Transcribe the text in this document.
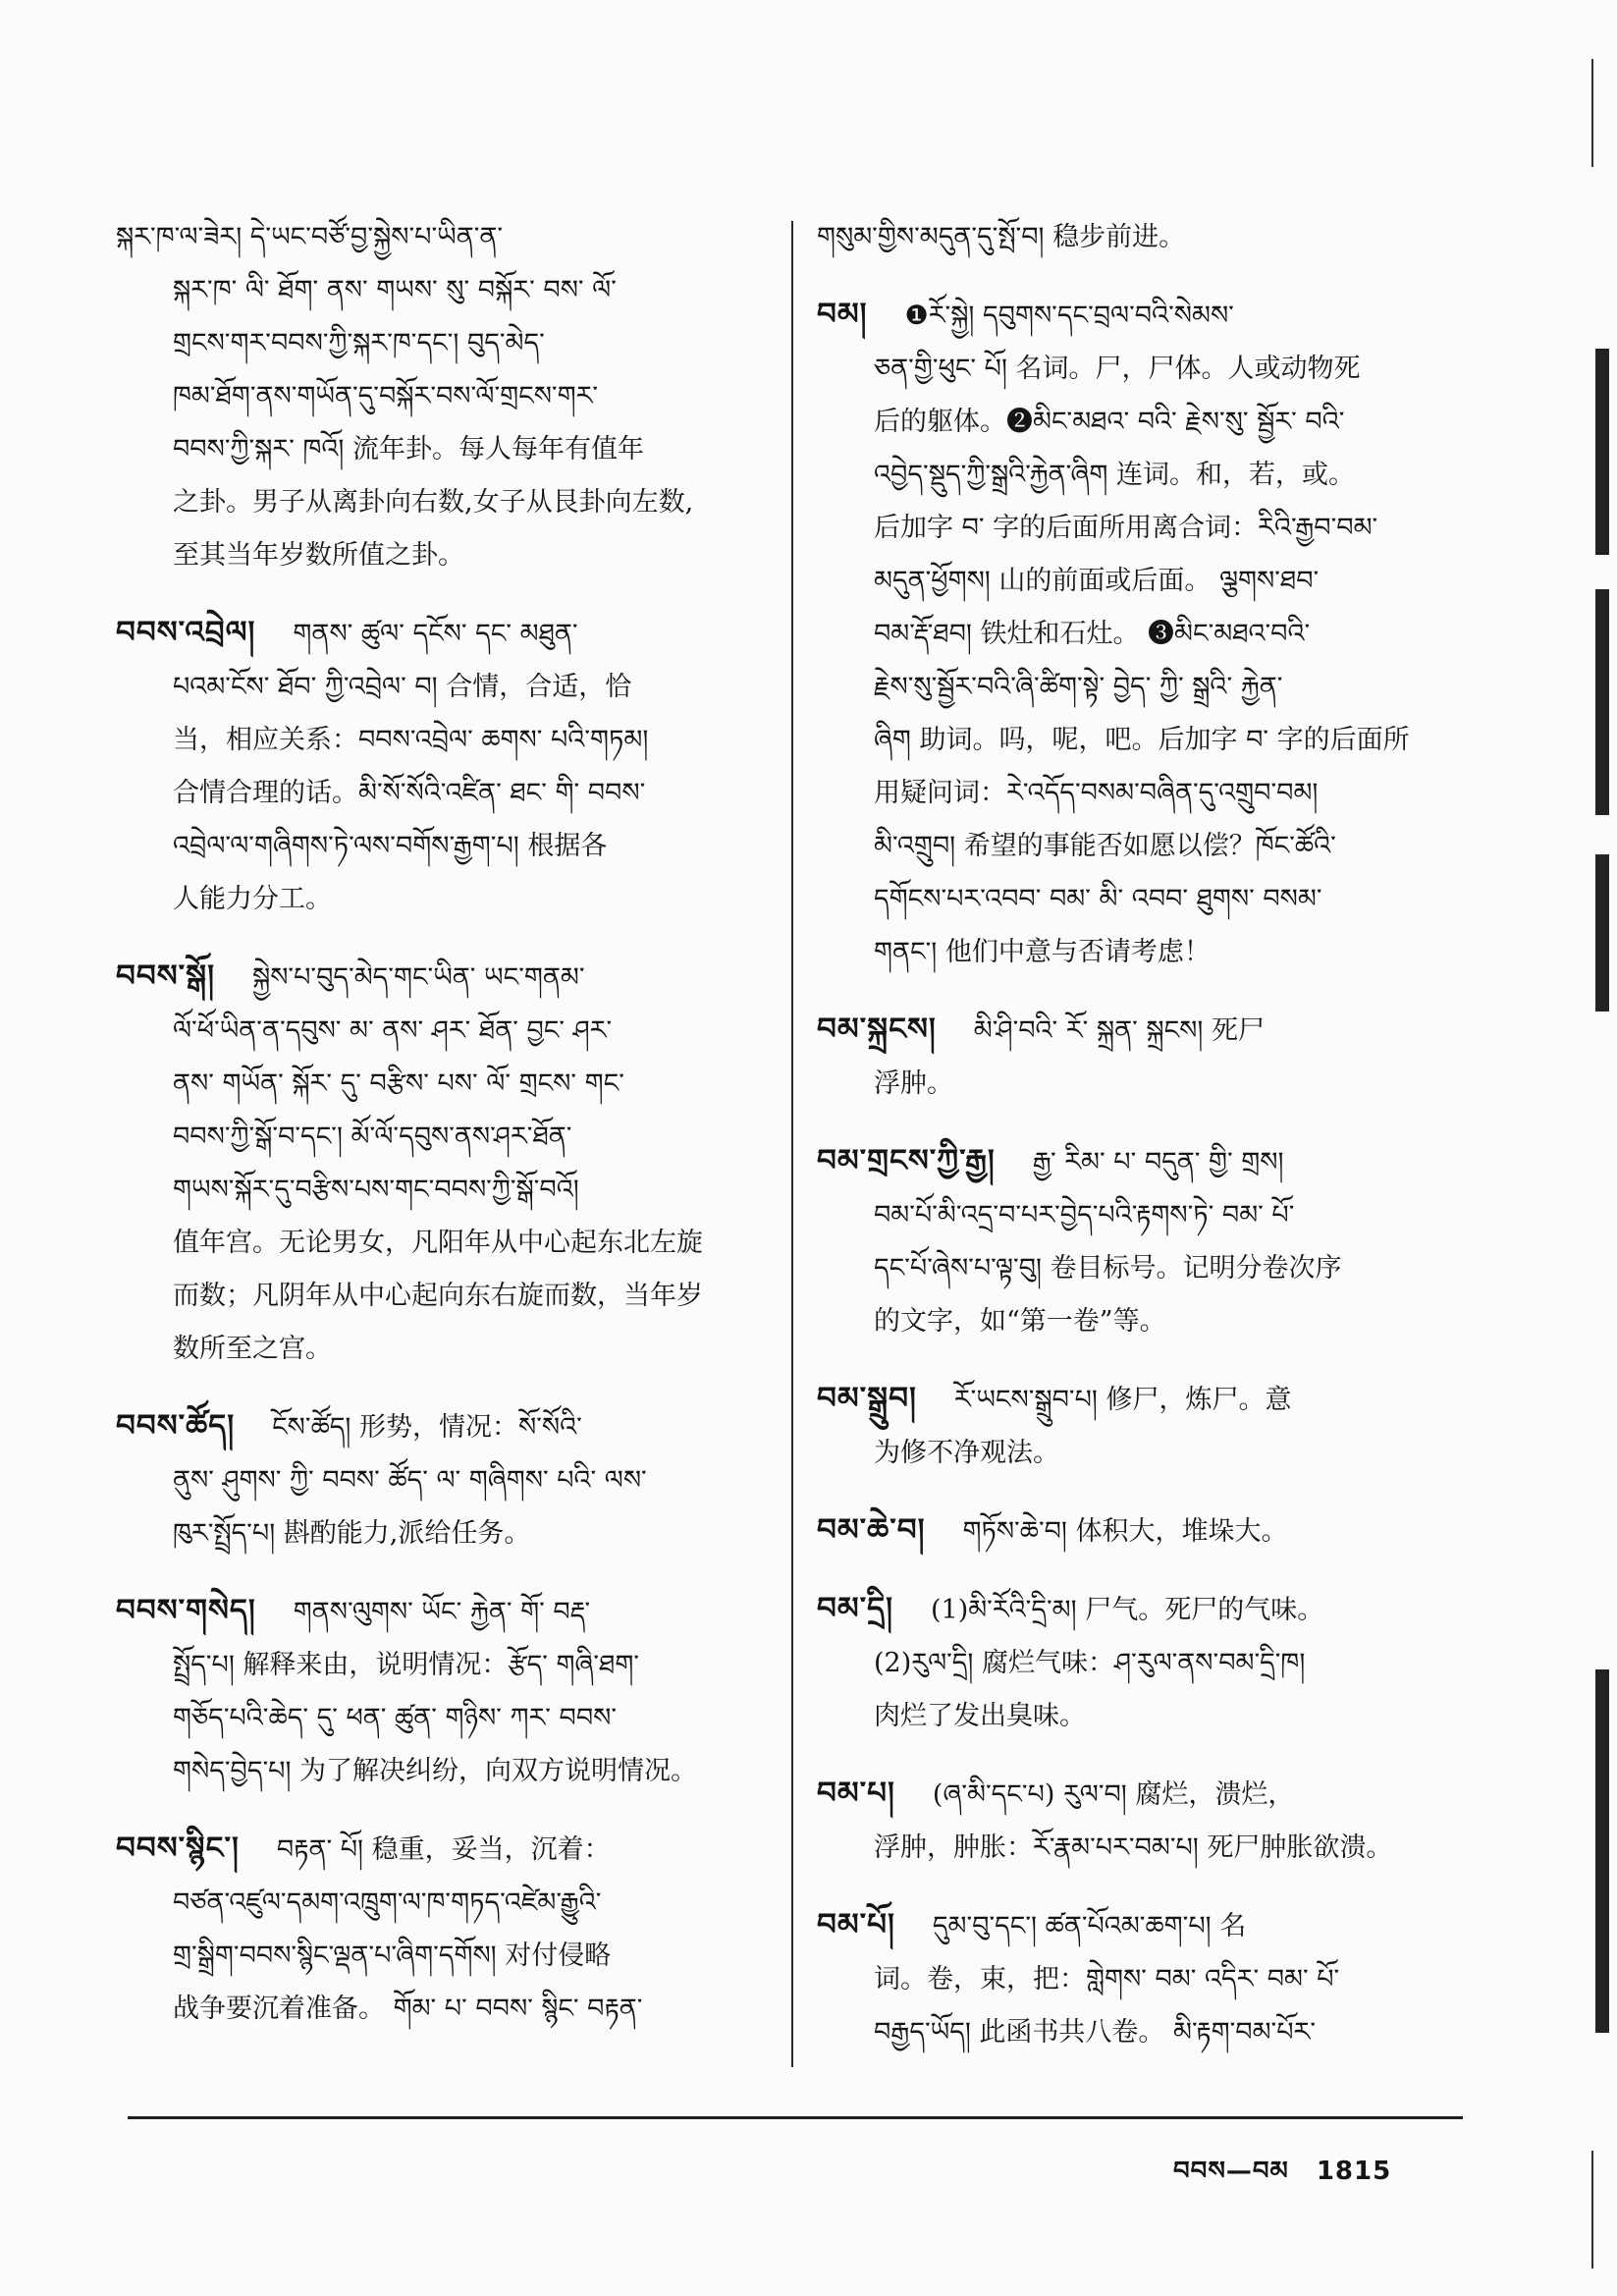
སྐར་ཁ་ལ་ཟེར། དེ་ཡང་བཙོ་བྱ་སྐྱེས་པ་ཡིན་ན་

སྐར་ཁ་ ལི་ ཐོག་ ནས་ གཡས་ སུ་ བསྐོར་ བས་ ལོ་

གྲངས་གར་བབས་ཀྱི་སྐར་ཁ་དང་། བུད་མེད་

ཁམ་ཐོག་ནས་གཡོན་དུ་བསྐོར་བས་ལོ་གྲངས་གར་

བབས་ཀྱི་སྐར་ ཁའོ། 流年卦。每人每年有值年

之卦。男子从离卦向右数,女子从艮卦向左数,

至其当年岁数所值之卦。

བབས་འབྲེལ། གནས་ ཚུལ་ དངོས་ དང་ མཐུན་

པའམ་ངོས་ ཐོབ་ ཀྱི་འབྲེལ་ བ། 合情，合适，恰

当，相应关系：བབས་འབྲེལ་ ཆགས་ པའི་གཏམ།

合情合理的话。མི་སོ་སོའི་འཛིན་ ཐང་ གི་ བབས་

འབྲེལ་ལ་གཞིགས་ཏེ་ལས་བགོས་རྒྱག་པ། 根据各

人能力分工。

བབས་སྒོ། སྐྱེས་པ་བུད་མེད་གང་ཡིན་ ཡང་གནམ་

ལོ་ཕོ་ཡིན་ན་དབུས་ མ་ ནས་ ཤར་ ཐོན་ བྱང་ ཤར་

ནས་ གཡོན་ སྐོར་ དུ་ བརྩིས་ པས་ ལོ་ གྲངས་ གང་

བབས་ཀྱི་སྒོ་བ་དང་། མོ་ལོ་དབུས་ནས་ཤར་ཐོན་

གཡས་སྐོར་དུ་བརྩིས་པས་གང་བབས་ཀྱི་སྒོ་བའོ།

值年宫。无论男女，凡阳年从中心起东北左旋

而数；凡阴年从中心起向东右旋而数，当年岁

数所至之宫。

བབས་ཚོད། ངོས་ཚོད། 形势，情况：སོ་སོའི་

ནུས་ ཤུགས་ ཀྱི་ བབས་ ཚོད་ ལ་ གཞིགས་ པའི་ ལས་

ཁུར་སྤྲོད་པ། 斟酌能力,派给任务。

བབས་གསེད། གནས་ལུགས་ ཡོང་ རྐྱེན་ གོ་ བརྡ་

སྤྲོད་པ། 解释来由，说明情况：རྩོད་ གཞི་ཐག་

གཅོད་པའི་ཆེད་ དུ་ ཕན་ ཚུན་ གཉིས་ ཀར་ བབས་

གསེད་བྱེད་པ། 为了解决纠纷，向双方说明情况。

བབས་སྙིང་། བརྟན་ པོ། 稳重，妥当，沉着：

བཙན་འཛུལ་དམག་འཁྲུག་ལ་ཁ་གཏད་འཛེམ་རྒྱུའི་

གྲ་སྒྲིག་བབས་སྙིང་ལྡན་པ་ཞིག་དགོས། 对付侵略

战争要沉着准备。 གོམ་ པ་ བབས་ སྙིང་ བརྟན་

གསུམ་གྱིས་མདུན་དུ་སྤོ་བ། 稳步前进。

བམ། ❶རོ་སྐྱེ། དབུགས་དང་བྲལ་བའི་སེམས་

ཅན་གྱི་ཕུང་ པོ། 名词。尸，尸体。人或动物死

后的躯体。❷མིང་མཐའ་ བའི་ རྗེས་སུ་ སྦྱོར་ བའི་

འབྱེད་སྡུད་ཀྱི་སྒྲའི་རྐྱེན་ཞིག 连词。和，若，或。

后加字 བ་ 字的后面所用离合词：རིའི་རྒྱབ་བམ་

མདུན་ཕྱོགས། 山的前面或后面。 ལྕགས་ཐབ་

བམ་རྡོ་ཐབ། 铁灶和石灶。 ❸མིང་མཐའ་བའི་

རྗེས་སུ་སྦྱོར་བའི་ཞི་ཚིག་སྟེ་ བྱེད་ ཀྱི་ སྒྲའི་ རྐྱེན་

ཞིག 助词。吗，呢，吧。后加字 བ་ 字的后面所

用疑问词：རེ་འདོད་བསམ་བཞིན་དུ་འགྲུབ་བམ།

མི་འགྲུབ། 希望的事能否如愿以偿？ཁོང་ཚོའི་

དགོངས་པར་འབབ་ བམ་ མི་ འབབ་ ཐུགས་ བསམ་

གནང་། 他们中意与否请考虑！

བམ་སྐྲངས། མི་ཤི་བའི་ རོ་ སྐྲན་ སྐྲངས། 死尸

浮肿。

བམ་གྲངས་ཀྱི་རྒྱ། རྒྱ་ རིམ་ པ་ བདུན་ གྱི་ གྲས།

བམ་པོ་མི་འདྲ་བ་པར་བྱེད་པའི་རྟགས་ཏེ་ བམ་ པོ་

དང་པོ་ཞེས་པ་ལྟ་བུ། 卷目标号。记明分卷次序

的文字，如“第一卷”等。

བམ་སྒྲུབ། རོ་ཡངས་སྒྲུབ་པ། 修尸，炼尸。意

为修不净观法。

བམ་ཆེ་བ། གཏོས་ཆེ་བ། 体积大，堆垛大。

བམ་དྲི། (1)མི་རོའི་དྲི་མ། 尸气。死尸的气味。

(2)རུལ་དྲི། 腐烂气味：ཤ་རུལ་ནས་བམ་དྲི་ཁ།

肉烂了发出臭味。

བམ་པ། (ཞ་མི་དང་པ) རུལ་བ། 腐烂，溃烂，

浮肿，肿胀：རོ་རྣམ་པར་བམ་པ། 死尸肿胀欲溃。

བམ་པོ། དུམ་བུ་དང་། ཚན་པོའམ་ཆག་པ། 名

词。卷，束，把：གླེགས་ བམ་ འདིར་ བམ་ པོ་

བརྒྱད་ཡོད། 此函书共八卷。 མི་རྟག་བམ་པོར་

བབས—བམ 1815
